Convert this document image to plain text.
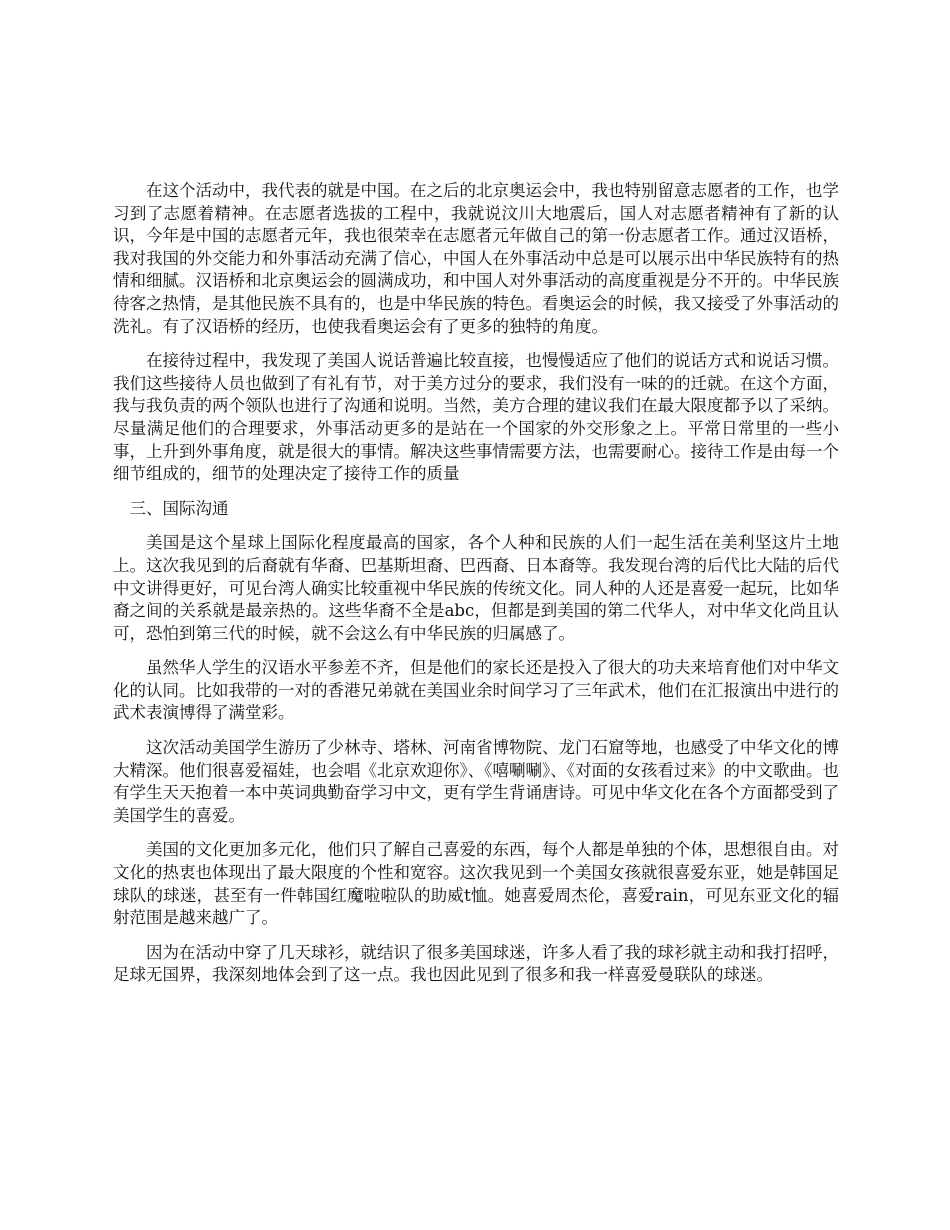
在这个活动中，我代表的就是中国。在之后的北京奥运会中，我也特别留意志愿者的工作，也学习到了志愿着精神。在志愿者选拔的工程中，我就说汶川大地震后，国人对志愿者精神有了新的认识，今年是中国的志愿者元年，我也很荣幸在志愿者元年做自己的第一份志愿者工作。通过汉语桥，我对我国的外交能力和外事活动充满了信心，中国人在外事活动中总是可以展示出中华民族特有的热情和细腻。汉语桥和北京奥运会的圆满成功，和中国人对外事活动的高度重视是分不开的。中华民族待客之热情，是其他民族不具有的，也是中华民族的特色。看奥运会的时候，我又接受了外事活动的洗礼。有了汉语桥的经历，也使我看奥运会有了更多的独特的角度。

在接待过程中，我发现了美国人说话普遍比较直接，也慢慢适应了他们的说话方式和说话习惯。我们这些接待人员也做到了有礼有节，对于美方过分的要求，我们没有一味的的迁就。在这个方面，我与我负责的两个领队也进行了沟通和说明。当然，美方合理的建议我们在最大限度都予以了采纳。尽量满足他们的合理要求，外事活动更多的是站在一个国家的外交形象之上。平常日常里的一些小事，上升到外事角度，就是很大的事情。解决这些事情需要方法，也需要耐心。接待工作是由每一个细节组成的，细节的处理决定了接待工作的质量

三、国际沟通

美国是这个星球上国际化程度最高的国家，各个人种和民族的人们一起生活在美利坚这片土地上。这次我见到的后裔就有华裔、巴基斯坦裔、巴西裔、日本裔等。我发现台湾的后代比大陆的后代中文讲得更好，可见台湾人确实比较重视中华民族的传统文化。同人种的人还是喜爱一起玩，比如华裔之间的关系就是最亲热的。这些华裔不全是abc，但都是到美国的第二代华人，对中华文化尚且认可，恐怕到第三代的时候，就不会这么有中华民族的归属感了。

虽然华人学生的汉语水平参差不齐，但是他们的家长还是投入了很大的功夫来培育他们对中华文化的认同。比如我带的一对的香港兄弟就在美国业余时间学习了三年武术，他们在汇报演出中进行的武术表演博得了满堂彩。

这次活动美国学生游历了少林寺、塔林、河南省博物院、龙门石窟等地，也感受了中华文化的博大精深。他们很喜爱福娃，也会唱《北京欢迎你》、《嘻唰唰》、《对面的女孩看过来》的中文歌曲。也有学生天天抱着一本中英词典勤奋学习中文，更有学生背诵唐诗。可见中华文化在各个方面都受到了美国学生的喜爱。

美国的文化更加多元化，他们只了解自己喜爱的东西，每个人都是单独的个体，思想很自由。对文化的热衷也体现出了最大限度的个性和宽容。这次我见到一个美国女孩就很喜爱东亚，她是韩国足球队的球迷，甚至有一件韩国红魔啦啦队的助威t恤。她喜爱周杰伦，喜爱rain，可见东亚文化的辐射范围是越来越广了。

因为在活动中穿了几天球衫，就结识了很多美国球迷，许多人看了我的球衫就主动和我打招呼，足球无国界，我深刻地体会到了这一点。我也因此见到了很多和我一样喜爱曼联队的球迷。
